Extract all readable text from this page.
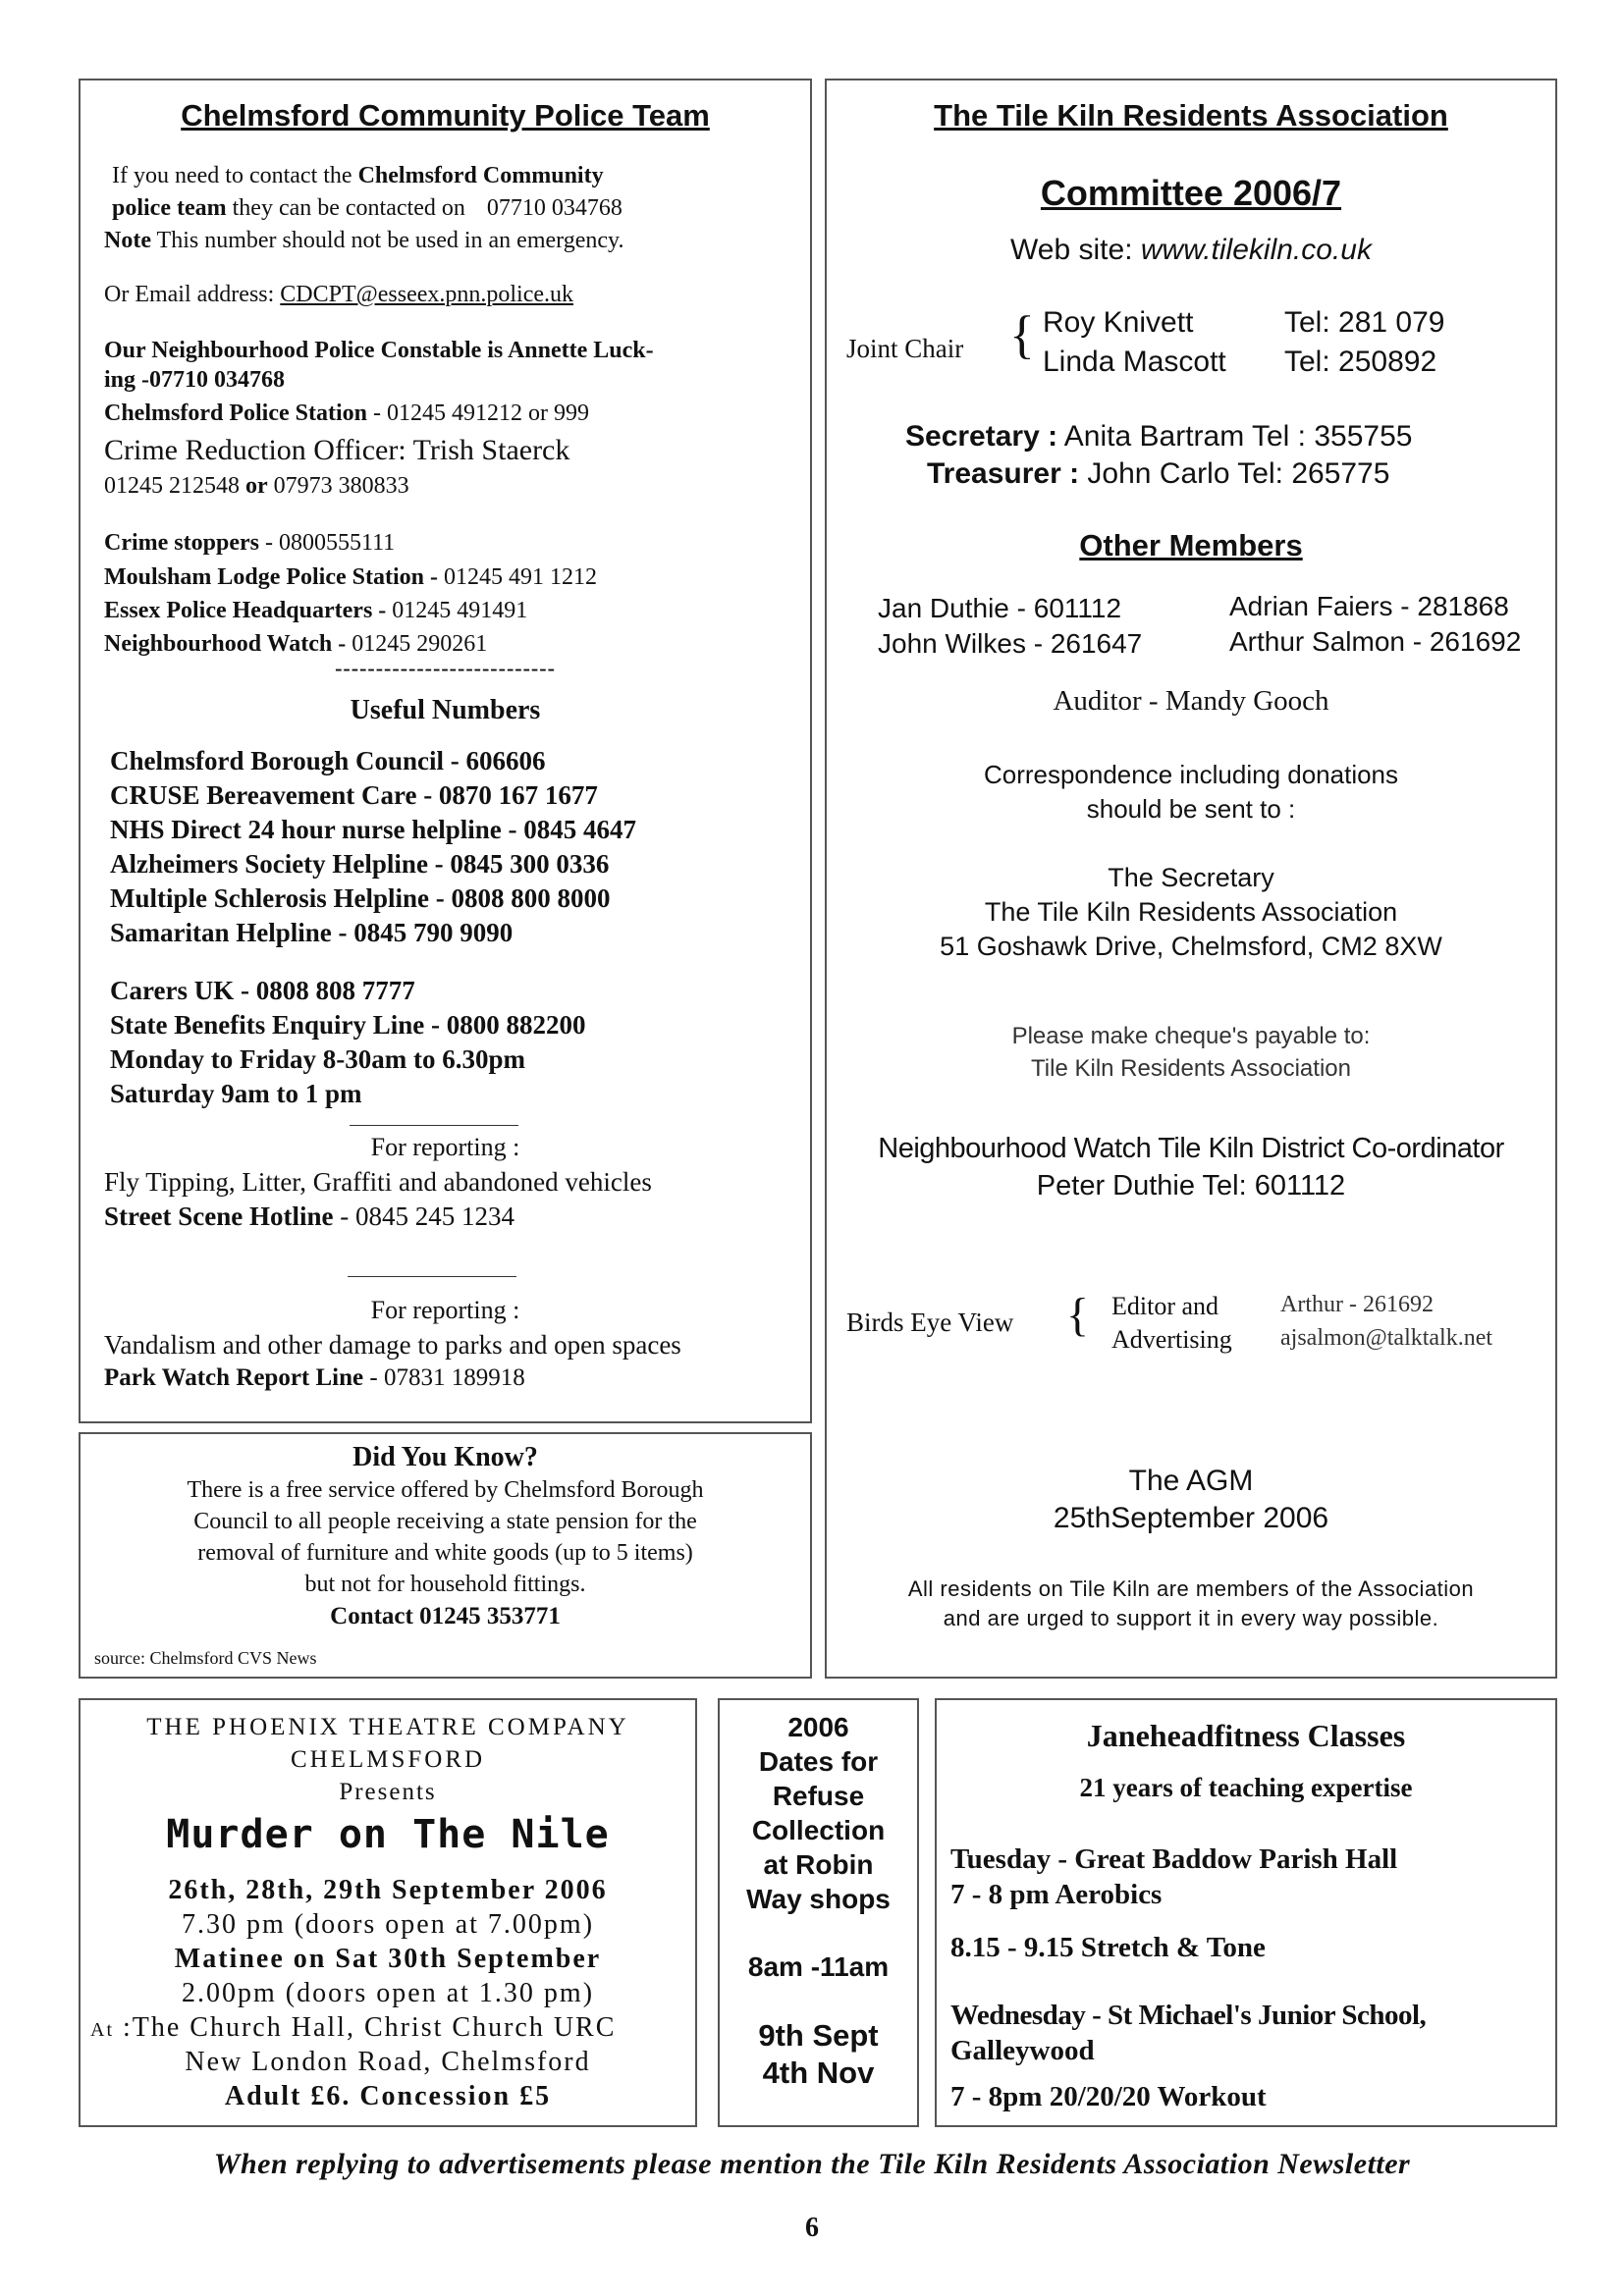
Chelmsford Community Police Team
If you need to contact the Chelmsford Community
police team they can be contacted on 07710 034768
Note This number should not be used in an emergency.
Or Email address: CDCPT@esseex.pnn.police.uk
Our Neighbourhood Police Constable is Annette Luck-
ing -07710 034768
Chelmsford Police Station - 01245 491212 or 999
Crime Reduction Officer: Trish Staerck
01245 212548 or 07973 380833
Crime stoppers - 0800555111
Moulsham Lodge Police Station - 01245 491 1212
Essex Police Headquarters - 01245 491491
Neighbourhood Watch - 01245 290261
---------------------------
Useful Numbers
Chelmsford Borough Council - 606606
CRUSE Bereavement Care - 0870 167 1677
NHS Direct 24 hour nurse helpline - 0845 4647
Alzheimers Society Helpline - 0845 300 0336
Multiple Schlerosis Helpline - 0808 800 8000
Samaritan Helpline - 0845 790 9090
Carers UK - 0808 808 7777
State Benefits Enquiry Line - 0800 882200
Monday to Friday 8-30am to 6.30pm
Saturday 9am to 1 pm
For reporting :
Fly Tipping, Litter, Graffiti and abandoned vehicles
Street Scene Hotline - 0845 245 1234
For reporting :
Vandalism and other damage to parks and open spaces
Park Watch Report Line - 07831 189918
Did You Know?
There is a free service offered by Chelmsford Borough
Council to all people receiving a state pension for the
removal of furniture and white goods (up to 5 items)
but not for household fittings.
Contact 01245 353771
source: Chelmsford CVS News
The Tile Kiln Residents Association
Committee 2006/7
Web site: www.tilekiln.co.uk
Joint Chair { Roy Knivett	Tel: 281 079
Linda Mascott Tel: 250892
Secretary : Anita Bartram Tel : 355755
Treasurer : John Carlo Tel: 265775
Other Members
Jan Duthie - 601112
John Wilkes - 261647
Adrian Faiers - 281868
Arthur Salmon - 261692
Auditor - Mandy Gooch
Correspondence including donations
should be sent to :
The Secretary
The Tile Kiln Residents Association
51 Goshawk Drive, Chelmsford, CM2 8XW
Please make cheque's payable to:
Tile Kiln Residents Association
Neighbourhood Watch Tile Kiln District Co-ordinator
Peter Duthie Tel: 601112
Birds Eye View { Editor and
Advertising
Arthur - 261692
ajsalmon@talktalk.net
The AGM
25thSeptember 2006
All residents on Tile Kiln are members of the Association
and are urged to support it in every way possible.
THE PHOENIX THEATRE COMPANY
CHELMSFORD
Presents
Murder on The Nile
26th, 28th, 29th September 2006
7.30 pm (doors open at 7.00pm)
Matinee on Sat 30th September
2.00pm (doors open at 1.30 pm)
At :The Church Hall, Christ Church URC
New London Road, Chelmsford
Adult £6. Concession £5
2006
Dates for
Refuse
Collection
at Robin
Way shops
8am -11am
9th Sept
4th Nov
Janeheadfitness Classes
21 years of teaching expertise
Tuesday - Great Baddow Parish Hall
7 - 8 pm Aerobics
8.15 - 9.15 Stretch & Tone
Wednesday - St Michael's Junior School,
Galleywood
7 - 8pm 20/20/20 Workout
When replying to advertisements please mention the Tile Kiln Residents Association Newsletter
6
